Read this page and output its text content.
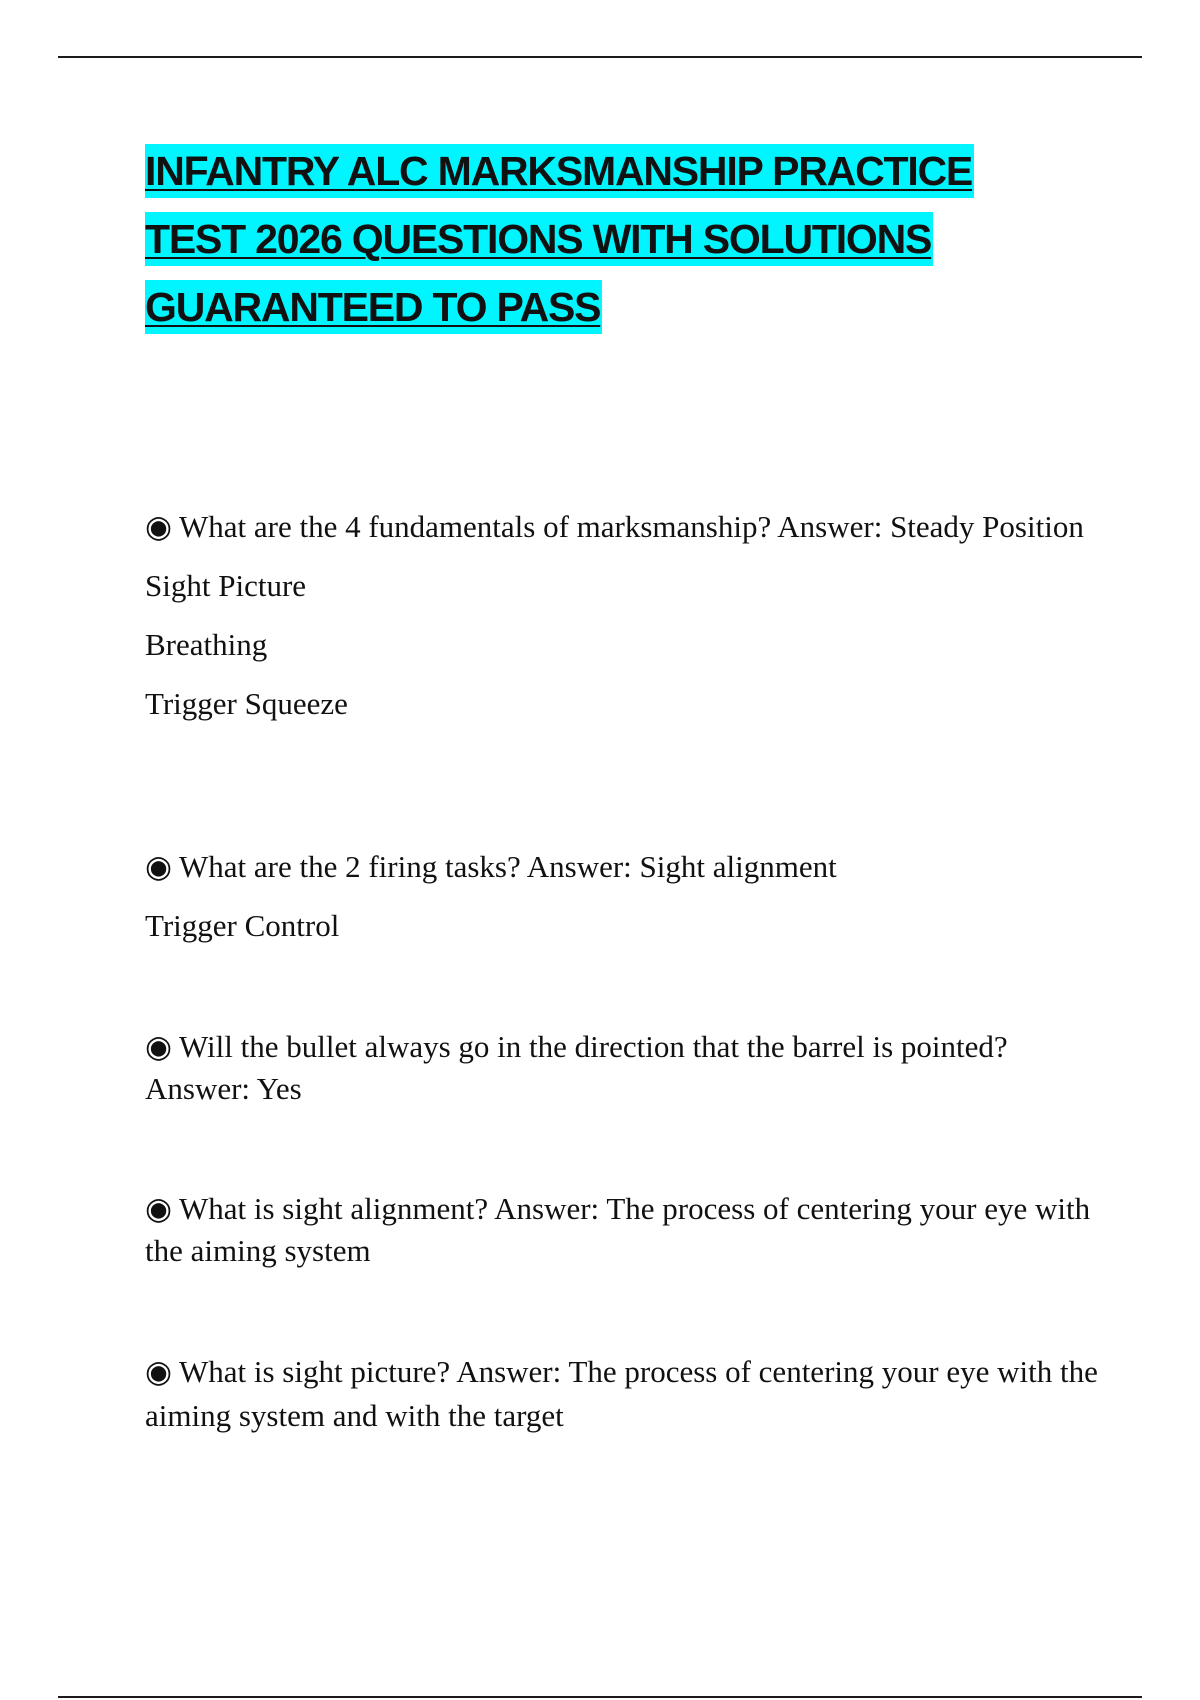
INFANTRY ALC MARKSMANSHIP PRACTICE
TEST 2026 QUESTIONS WITH SOLUTIONS
GUARANTEED TO PASS

◉ What are the 4 fundamentals of marksmanship? Answer: Steady Position

Sight Picture

Breathing

Trigger Squeeze

◉ What are the 2 firing tasks? Answer: Sight alignment

Trigger Control

◉ Will the bullet always go in the direction that the barrel is pointed? Answer: Yes

◉ What is sight alignment? Answer: The process of centering your eye with the aiming system

◉ What is sight picture? Answer: The process of centering your eye with the aiming system and with the target
